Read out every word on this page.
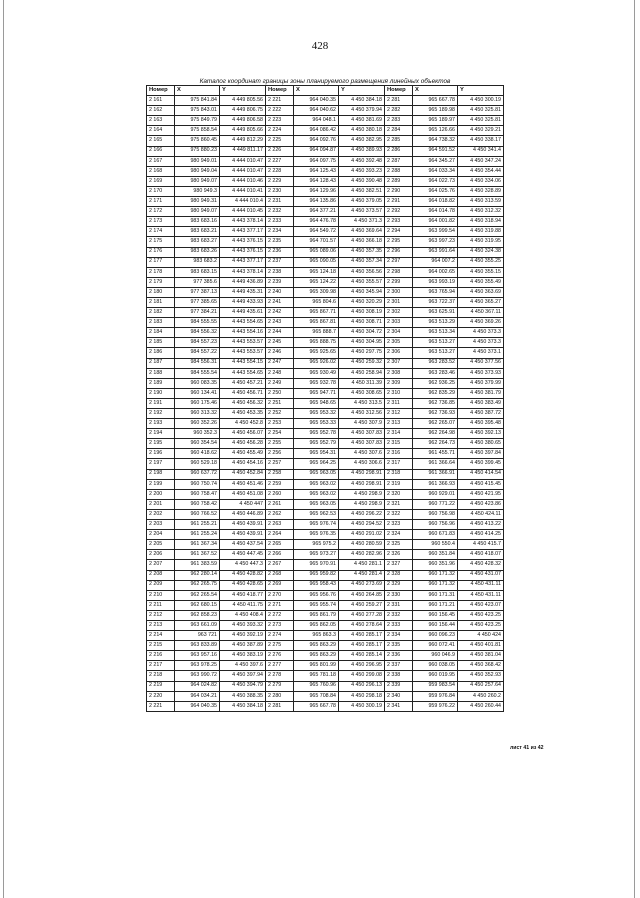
428
Каталог координат границы зоны планируемого размещения линейных объектов
Номер	X	Y	Номер	X	Y	Номер	X	Y
2 161	975 841.84	4 449 805.56	2 221	964 040.35	4 450 384.18	2 281	965 667.78	4 450 300.19
2 162	975 843.01	4 449 806.75	2 222	964 040.62	4 450 379.94	2 282	965 189.98	4 450 325.81
2 163	975 849.79	4 449 806.58	2 223	964 048.1	4 450 381.69	2 283	965 189.97	4 450 325.81
2 164	975 858.54	4 449 805.66	2 224	964 086.42	4 450 380.18	2 284	965 126.66	4 450 329.21
2 165	975 860.45	4 449 812.29	2 225	964 092.76	4 450 382.95	2 285	964 738.32	4 450 338.17
2 166	975 880.23	4 449 811.17	2 226	964 094.87	4 450 389.93	2 286	964 591.52	4 450 341.4
2 167	980 949.01	4 444 010.47	2 227	964 097.75	4 450 392.48	2 287	964 345.27	4 450 347.24
2 168	980 949.04	4 444 010.47	2 228	964 125.43	4 450 393.23	2 288	964 033.34	4 450 354.44
2 169	980 949.07	4 444 010.46	2 229	964 128.43	4 450 390.48	2 289	964 022.73	4 450 334.06
2 170	980 949.3	4 444 010.41	2 230	964 129.96	4 450 382.51	2 290	964 025.76	4 450 328.89
2 171	980 949.31	4 444 010.4	2 231	964 135.86	4 450 379.05	2 291	964 018.82	4 450 313.59
2 172	980 949.07	4 444 010.45	2 232	964 377.21	4 450 373.57	2 292	964 014.78	4 450 312.32
2 173	983 683.16	4 443 378.14	2 233	964 476.78	4 450 371.3	2 293	964 001.82	4 450 318.94
2 174	983 683.21	4 443 377.17	2 234	964 549.72	4 450 369.64	2 294	963 999.54	4 450 319.88
2 175	983 683.27	4 443 376.15	2 235	964 701.57	4 450 366.18	2 295	963 997.23	4 450 319.95
2 176	983 683.26	4 443 376.15	2 236	965 089.06	4 450 357.35	2 296	963 991.64	4 450 324.38
2 177	983 683.2	4 443 377.17	2 237	965 090.05	4 450 357.34	2 297	964 007.2	4 450 355.25
2 178	983 683.15	4 443 378.14	2 238	965 124.18	4 450 356.56	2 298	964 002.65	4 450 355.15
2 179	977 385.6	4 449 436.89	2 239	965 124.22	4 450 355.57	2 299	963 993.19	4 450 355.49
2 180	977 387.13	4 449 435.31	2 240	965 309.98	4 450 345.94	2 300	963 765.94	4 450 363.69
2 181	977 385.65	4 449 433.93	2 241	965 804.6	4 450 320.29	2 301	963 722.37	4 450 365.27
2 182	977 384.21	4 449 435.61	2 242	965 867.71	4 450 308.19	2 302	963 625.91	4 450 367.11
2 183	984 555.55	4 443 554.65	2 243	965 867.81	4 450 308.71	2 303	963 513.29	4 450 369.26
2 184	984 556.32	4 443 554.16	2 244	965 888.7	4 450 304.72	2 304	963 513.34	4 450 373.3
2 185	984 557.23	4 443 553.57	2 245	965 888.75	4 450 304.95	2 305	963 513.27	4 450 373.3
2 186	984 557.22	4 443 553.57	2 246	965 925.65	4 450 297.75	2 306	963 513.27	4 450 373.1
2 187	984 556.31	4 443 554.15	2 247	965 926.02	4 450 259.32	2 307	963 283.52	4 450 377.56
2 188	984 555.54	4 443 554.65	2 248	965 930.49	4 450 258.94	2 308	963 283.46	4 450 373.93
2 189	960 083.35	4 450 457.21	2 249	965 932.78	4 450 311.39	2 309	962 936.25	4 450 379.99
2 190	960 134.41	4 450 456.71	2 250	965 947.71	4 450 308.65	2 310	962 835.29	4 450 381.79
2 191	960 175.46	4 450 456.32	2 251	965 948.65	4 450 313.5	2 311	962 736.85	4 450 383.49
2 192	960 313.32	4 450 453.35	2 252	965 953.32	4 450 312.56	2 312	962 736.93	4 450 387.72
2 193	960 352.26	4 450 452.8	2 253	965 953.33	4 450 307.9	2 313	962 265.07	4 450 395.48
2 194	960 352.3	4 450 456.07	2 254	965 952.78	4 450 307.83	2 314	962 264.98	4 450 392.13
2 195	960 354.54	4 450 456.28	2 255	965 952.79	4 450 307.83	2 315	962 264.73	4 450 380.65
2 196	960 418.62	4 450 455.49	2 256	965 954.31	4 450 307.6	2 316	961 455.71	4 450 397.84
2 197	960 529.18	4 450 454.16	2 257	965 964.25	4 450 306.6	2 317	961 366.64	4 450 399.45
2 198	960 637.72	4 450 452.84	2 258	965 963.05	4 450 298.91	2 318	961 366.91	4 450 414.54
2 199	960 750.74	4 450 451.46	2 259	965 963.02	4 450 298.91	2 319	961 366.93	4 450 415.45
2 200	960 758.47	4 450 451.08	2 260	965 963.02	4 450 298.9	2 320	960 929.01	4 450 421.95
2 201	960 758.42	4 450 447	2 261	965 963.05	4 450 298.9	2 321	960 771.22	4 450 423.86
2 202	960 766.52	4 450 446.89	2 262	965 962.53	4 450 296.22	2 322	960 756.98	4 450 424.11
2 203	961 255.21	4 450 439.91	2 263	965 976.74	4 450 294.52	2 323	960 756.96	4 450 413.22
2 204	961 255.24	4 450 439.91	2 264	965 976.35	4 450 291.02	2 324	960 671.83	4 450 414.25
2 205	961 367.34	4 450 437.54	2 265	965 975.2	4 450 280.59	2 325	960 550.4	4 450 415.7
2 206	961 367.52	4 450 447.45	2 266	965 973.27	4 450 282.96	2 326	960 351.84	4 450 418.07
2 207	961 383.59	4 450 447.3	2 267	965 970.91	4 450 281.1	2 327	960 351.96	4 450 428.32
2 208	962 280.14	4 450 428.82	2 268	965 959.82	4 450 281.4	2 328	960 171.32	4 450 431.07
2 209	962 265.75	4 450 428.65	2 269	965 958.43	4 450 273.69	2 329	960 171.32	4 450 431.11
2 210	962 265.54	4 450 418.77	2 270	965 956.76	4 450 264.85	2 330	960 171.31	4 450 431.11
2 211	962 680.15	4 450 411.75	2 271	965 955.74	4 450 259.27	2 331	960 171.21	4 450 423.07
2 212	962 858.23	4 450 408.4	2 272	965 861.79	4 450 277.28	2 332	960 156.45	4 450 423.25
2 213	963 661.09	4 450 393.32	2 273	965 862.05	4 450 278.64	2 333	960 156.44	4 450 423.25
2 214	963 721	4 450 392.19	2 274	965 863.3	4 450 285.17	2 334	960 096.23	4 450 424
2 215	963 833.89	4 450 387.89	2 275	965 863.29	4 450 285.17	2 335	960 072.41	4 450 401.81
2 216	963 957.16	4 450 383.19	2 276	965 863.29	4 450 285.14	2 336	960 046.9	4 450 381.04
2 217	963 978.25	4 450 397.6	2 277	965 801.99	4 450 296.95	2 337	960 038.05	4 450 368.42
2 218	963 990.72	4 450 397.94	2 278	965 781.18	4 450 299.08	2 338	960 019.95	4 450 352.93
2 219	964 024.82	4 450 394.79	2 279	965 760.96	4 450 296.13	2 339	959 983.54	4 450 257.64
2 220	964 034.21	4 450 388.35	2 280	965 708.84	4 450 298.18	2 340	959 976.84	4 450 260.2
2 221	964 040.35	4 450 384.18	2 281	965 667.78	4 450 300.19	2 341	959 976.22	4 450 260.44
лист 41 из 42
